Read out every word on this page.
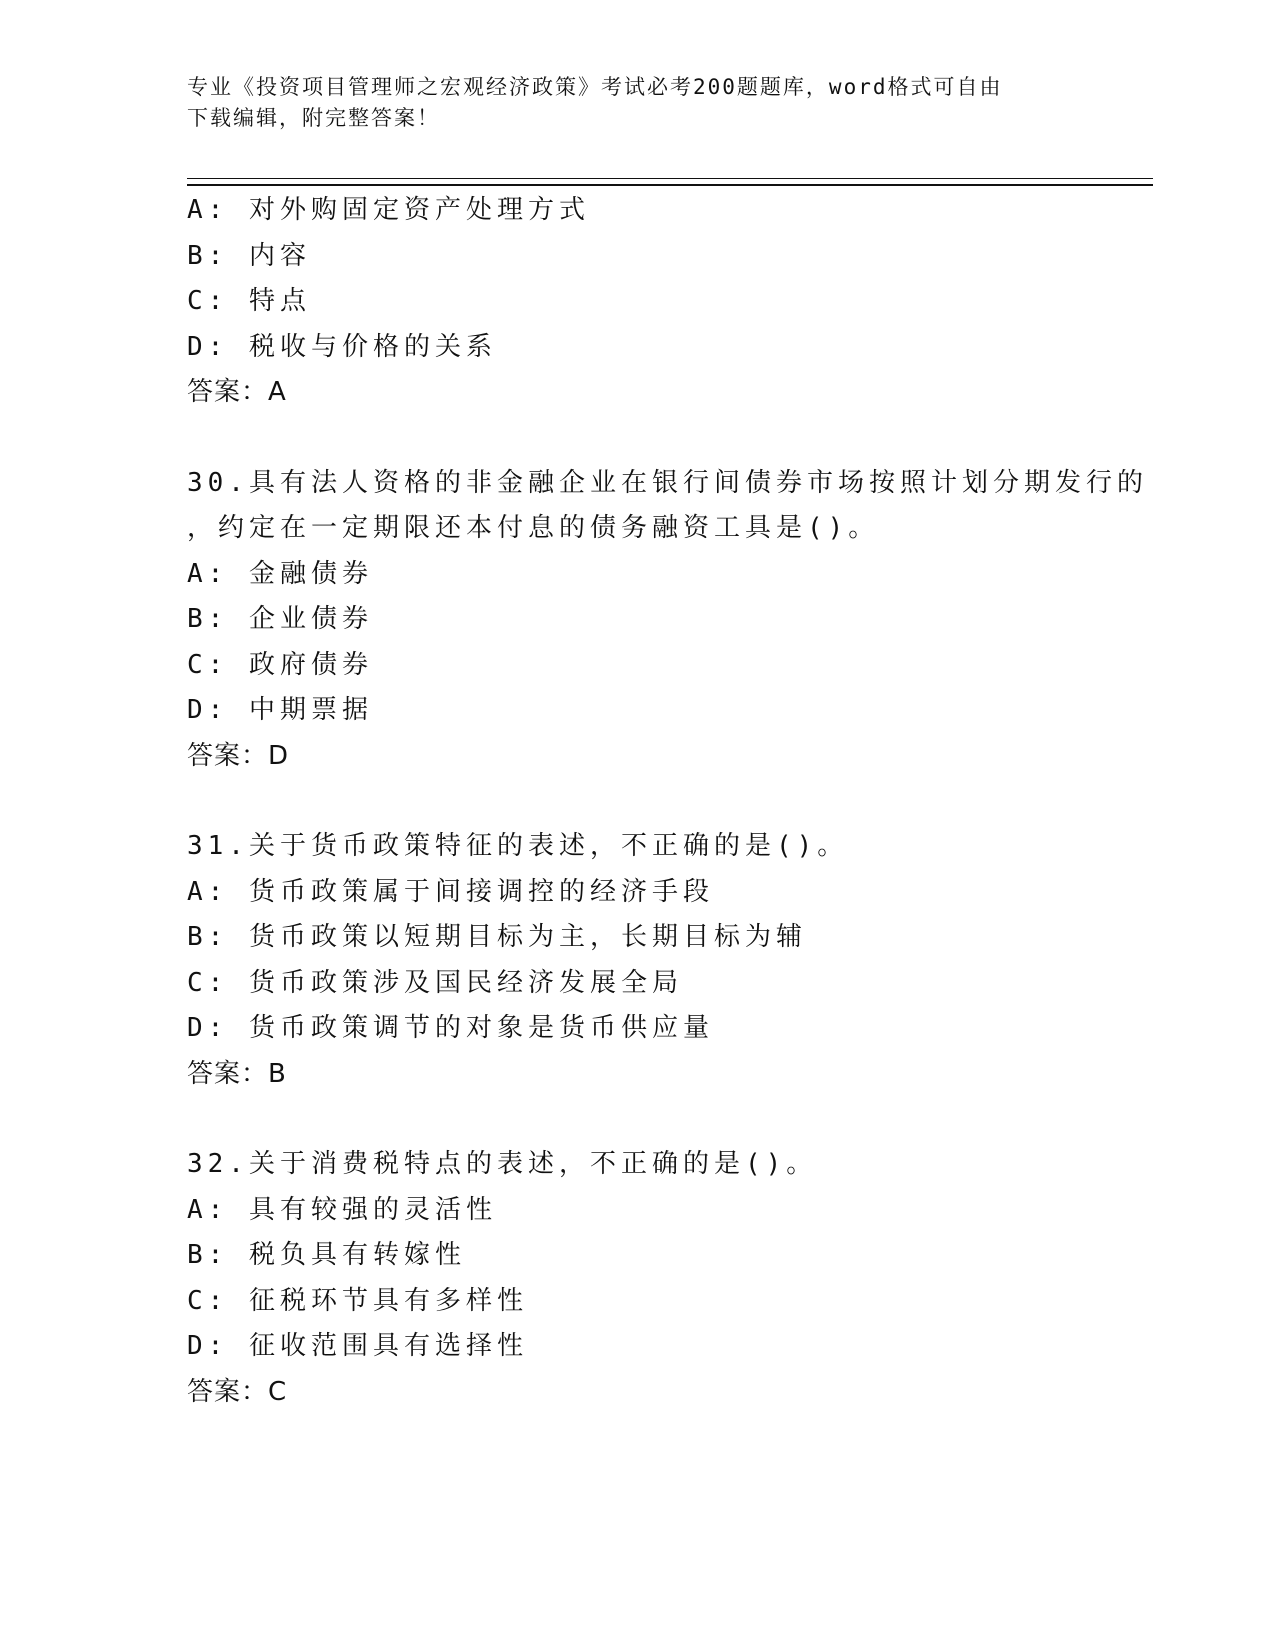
专业《投资项目管理师之宏观经济政策》考试必考200题题库，word格式可自由
下载编辑，附完整答案！
A: 对外购固定资产处理方式
B: 内容
C: 特点
D: 税收与价格的关系
答案：A
30.具有法人资格的非金融企业在银行间债券市场按照计划分期发行的
，约定在一定期限还本付息的债务融资工具是()。
A: 金融债券
B: 企业债券
C: 政府债券
D: 中期票据
答案：D
31.关于货币政策特征的表述，不正确的是()。
A: 货币政策属于间接调控的经济手段
B: 货币政策以短期目标为主，长期目标为辅
C: 货币政策涉及国民经济发展全局
D: 货币政策调节的对象是货币供应量
答案：B
32.关于消费税特点的表述，不正确的是()。
A: 具有较强的灵活性
B: 税负具有转嫁性
C: 征税环节具有多样性
D: 征收范围具有选择性
答案：C
